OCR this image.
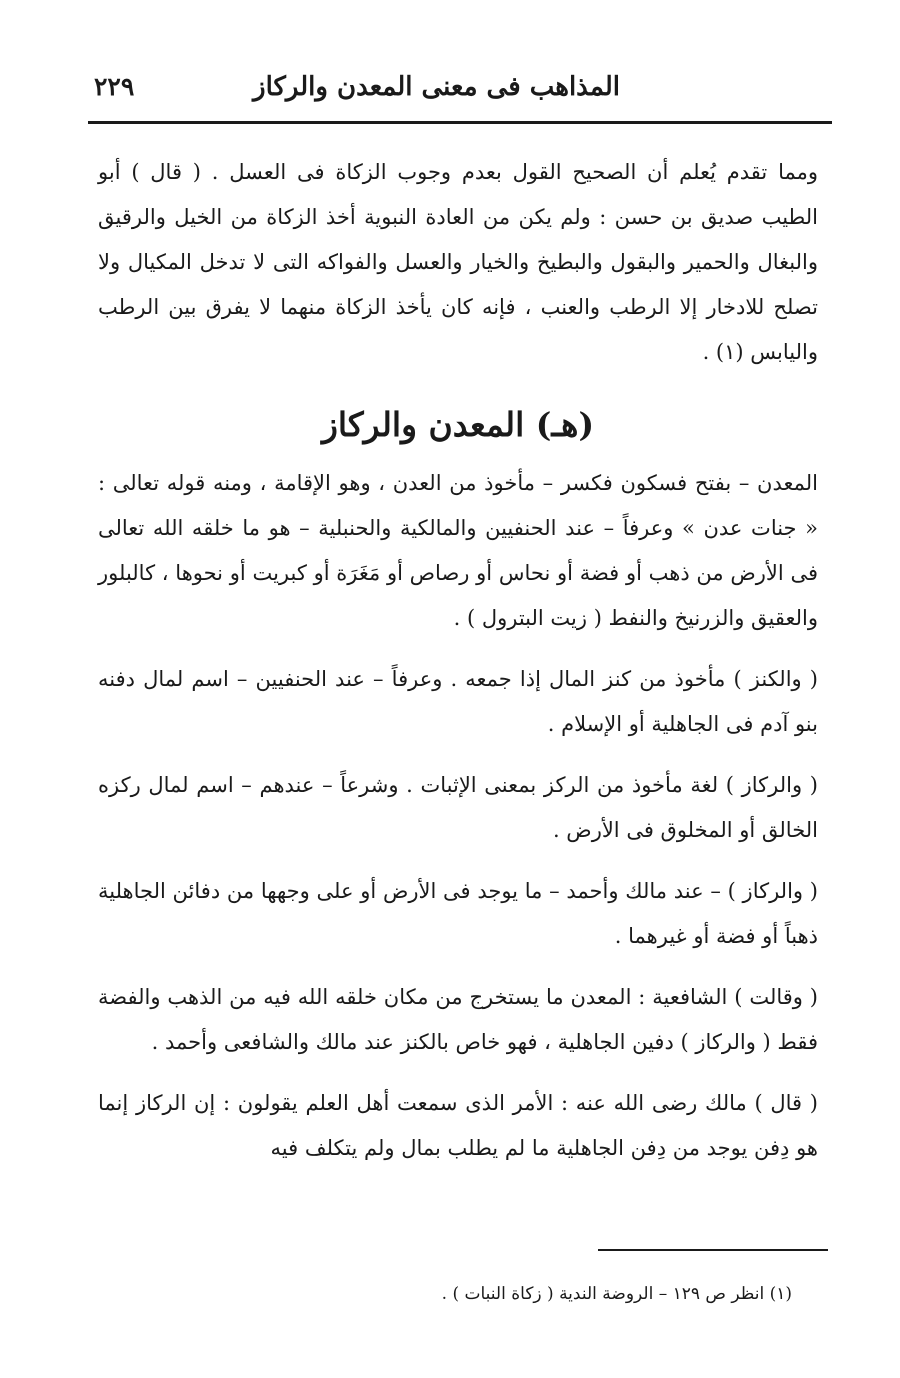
المذاهب فى معنى المعدن والركاز
٢٢٩

ومما تقدم يُعلم أن الصحيح القول بعدم وجوب الزكاة فى العسل . ( قال ) أبو الطيب صديق بن حسن : ولم يكن من العادة النبوية أخذ الزكاة من الخيل والرقيق والبغال والحمير والبقول والبطيخ والخيار والعسل والفواكه التى لا تدخل المكيال ولا تصلح للادخار إلا الرطب والعنب ، فإنه كان يأخذ الزكاة منهما لا يفرق بين الرطب واليابس (١) .

(هـ) المعدن والركاز

المعدن – بفتح فسكون فكسر – مأخوذ من العدن ، وهو الإقامة ، ومنه قوله تعالى : « جنات عدن » وعرفاً – عند الحنفيين والمالكية والحنبلية – هو ما خلقه الله تعالى فى الأرض من ذهب أو فضة أو نحاس أو رصاص أو مَغَرَة أو كبريت أو نحوها ، كالبلور والعقيق والزرنيخ والنفط ( زيت البترول ) .

( والكنز ) مأخوذ من كنز المال إذا جمعه . وعرفاً – عند الحنفيين – اسم لمال دفنه بنو آدم فى الجاهلية أو الإسلام .

( والركاز ) لغة مأخوذ من الركز بمعنى الإثبات . وشرعاً – عندهم – اسم لمال ركزه الخالق أو المخلوق فى الأرض .

( والركاز ) – عند مالك وأحمد – ما يوجد فى الأرض أو على وجهها من دفائن الجاهلية ذهباً أو فضة أو غيرهما .

( وقالت ) الشافعية : المعدن ما يستخرج من مكان خلقه الله فيه من الذهب والفضة فقط ( والركاز ) دفين الجاهلية ، فهو خاص بالكنز عند مالك والشافعى وأحمد .

( قال ) مالك رضى الله عنه : الأمر الذى سمعت أهل العلم يقولون : إن الركاز إنما هو دِفن يوجد من دِفن الجاهلية ما لم يطلب بمال ولم يتكلف فيه

(١) انظر ص ١٢٩ – الروضة الندية ( زكاة النبات ) .
